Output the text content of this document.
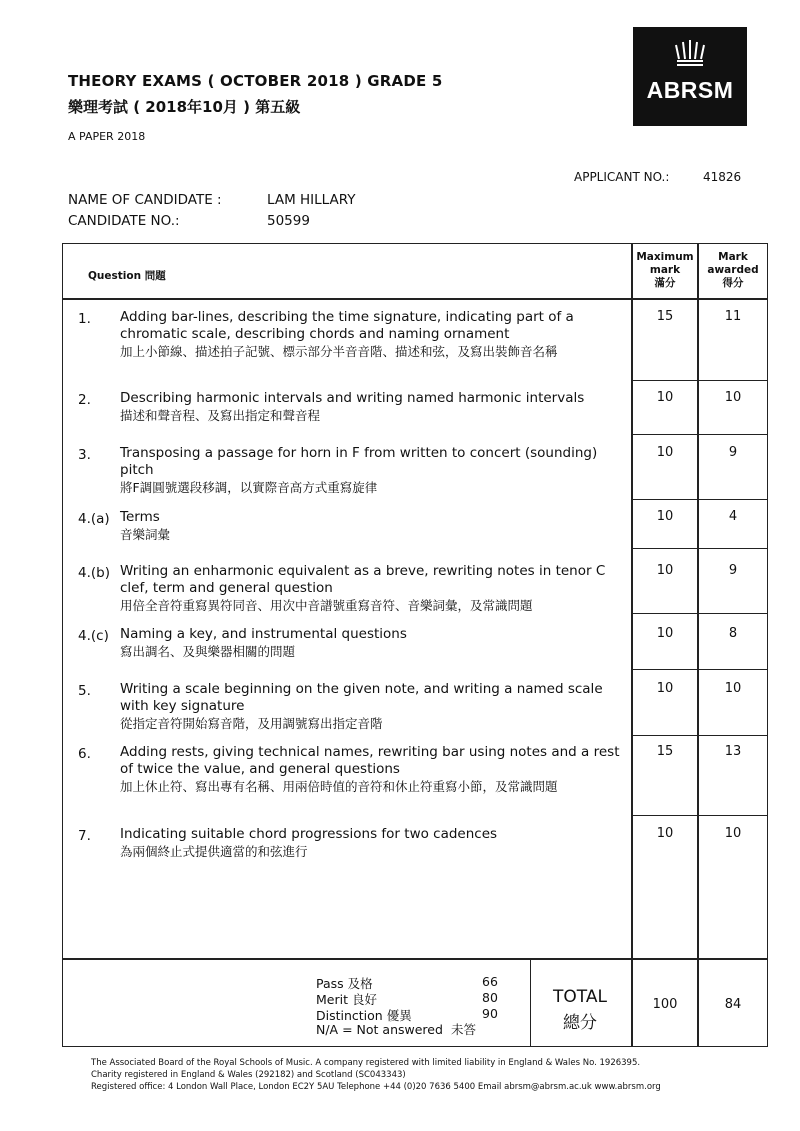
THEORY EXAMS ( OCTOBER 2018 ) GRADE 5
樂理考試 ( 2018年10月 ) 第五級
A PAPER 2018
ABRSM
APPLICANT NO.:	41826
NAME OF CANDIDATE :	LAM HILLARY
CANDIDATE NO.:	50599
Question 問題
Maximum
mark
滿分
Mark
awarded
得分
1. Adding bar-lines, describing the time signature, indicating part of a chromatic scale, describing chords and naming ornament
加上小節線、描述拍子記號、標示部分半音音階、描述和弦，及寫出裝飾音名稱
15	11
2. Describing harmonic intervals and writing named harmonic intervals
描述和聲音程、及寫出指定和聲音程
10	10
3. Transposing a passage for horn in F from written to concert (sounding) pitch
將F調圓號選段移調，以實際音高方式重寫旋律
10	9
4.(a) Terms
音樂詞彙
10	4
4.(b) Writing an enharmonic equivalent as a breve, rewriting notes in tenor C clef, term and general question
用倍全音符重寫異符同音、用次中音譜號重寫音符、音樂詞彙，及常識問題
10	9
4.(c) Naming a key, and instrumental questions
寫出調名、及與樂器相關的問題
10	8
5. Writing a scale beginning on the given note, and writing a named scale with key signature
從指定音符開始寫音階，及用調號寫出指定音階
10	10
6. Adding rests, giving technical names, rewriting bar using notes and a rest of twice the value, and general questions
加上休止符、寫出專有名稱、用兩倍時值的音符和休止符重寫小節，及常識問題
15	13
7. Indicating suitable chord progressions for two cadences
為兩個終止式提供適當的和弦進行
10	10
Pass 及格	66
Merit 良好	80
Distinction 優異	90
N/A = Not answered 未答
TOTAL
總分
100	84
The Associated Board of the Royal Schools of Music. A company registered with limited liability in England & Wales No. 1926395.
Charity registered in England & Wales (292182) and Scotland (SC043343)
Registered office: 4 London Wall Place, London EC2Y 5AU Telephone +44 (0)20 7636 5400 Email abrsm@abrsm.ac.uk www.abrsm.org
